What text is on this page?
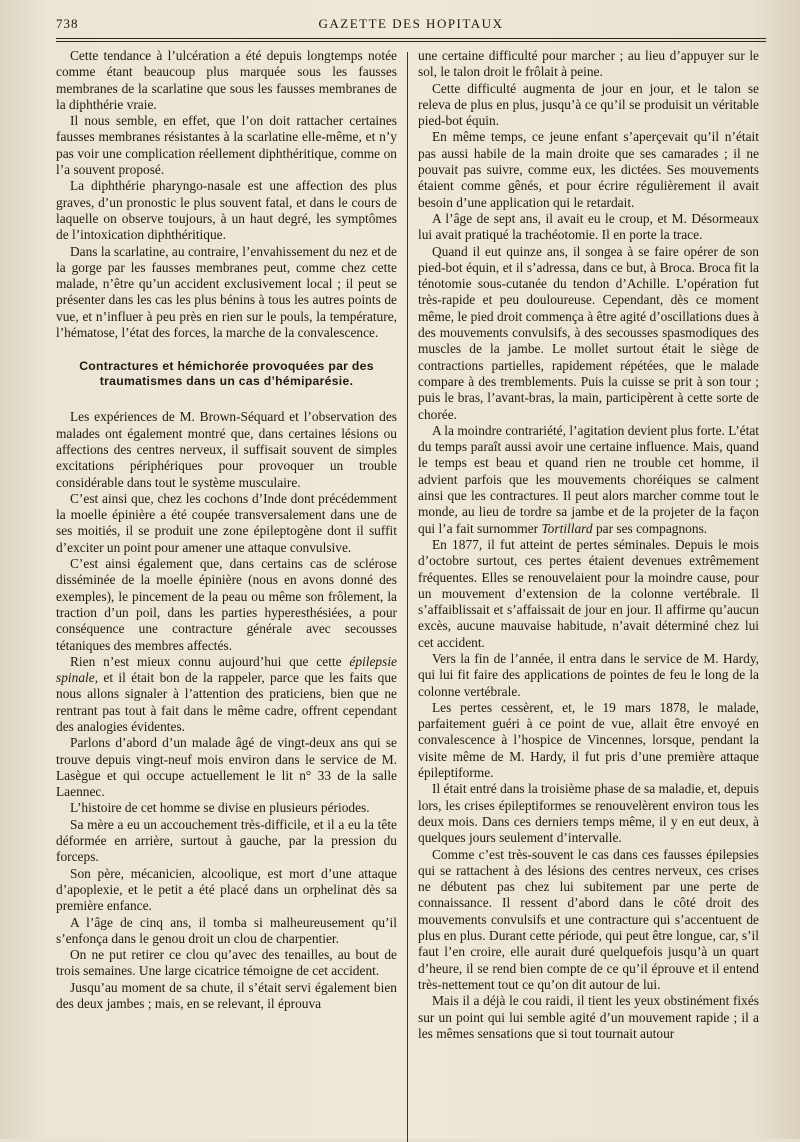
738	GAZETTE DES HOPITAUX

Cette tendance à l’ulcération a été depuis longtemps notée comme étant beaucoup plus marquée sous les fausses membranes de la scarlatine que sous les fausses membranes de la diphthérie vraie.

Il nous semble, en effet, que l’on doit rattacher certaines fausses membranes résistantes à la scarlatine elle-même, et n’y pas voir une complication réellement diphthéritique, comme on l’a souvent proposé.

La diphthérie pharyngo-nasale est une affection des plus graves, d’un pronostic le plus souvent fatal, et dans le cours de laquelle on observe toujours, à un haut degré, les symptômes de l’intoxication diphthéritique.

Dans la scarlatine, au contraire, l’envahissement du nez et de la gorge par les fausses membranes peut, comme chez cette malade, n’être qu’un accident exclusivement local ; il peut se présenter dans les cas les plus bénins à tous les autres points de vue, et n’influer à peu près en rien sur le pouls, la température, l’hématose, l’état des forces, la marche de la convalescence.

Contractures et hémichorée provoquées par des traumatismes dans un cas d’hémiparésie.

Les expériences de M. Brown-Séquard et l’observation des malades ont également montré que, dans certaines lésions ou affections des centres nerveux, il suffisait souvent de simples excitations périphériques pour provoquer un trouble considérable dans tout le système musculaire.

C’est ainsi que, chez les cochons d’Inde dont précédemment la moelle épinière a été coupée transversalement dans une de ses moitiés, il se produit une zone épileptogène dont il suffit d’exciter un point pour amener une attaque convulsive.

C’est ainsi également que, dans certains cas de sclérose disséminée de la moelle épinière (nous en avons donné des exemples), le pincement de la peau ou même son frôlement, la traction d’un poil, dans les parties hyperesthésiées, a pour conséquence une contracture générale avec secousses tétaniques des membres affectés.

Rien n’est mieux connu aujourd’hui que cette épilepsie spinale, et il était bon de la rappeler, parce que les faits que nous allons signaler à l’attention des praticiens, bien que ne rentrant pas tout à fait dans le même cadre, offrent cependant des analogies évidentes.

Parlons d’abord d’un malade âgé de vingt-deux ans qui se trouve depuis vingt-neuf mois environ dans le service de M. Lasègue et qui occupe actuellement le lit n° 33 de la salle Laennec.

L’histoire de cet homme se divise en plusieurs périodes.

Sa mère a eu un accouchement très-difficile, et il a eu la tête déformée en arrière, surtout à gauche, par la pression du forceps.

Son père, mécanicien, alcoolique, est mort d’une attaque d’apoplexie, et le petit a été placé dans un orphelinat dès sa première enfance.

A l’âge de cinq ans, il tomba si malheureusement qu’il s’enfonça dans le genou droit un clou de charpentier.

On ne put retirer ce clou qu’avec des tenailles, au bout de trois semaines. Une large cicatrice témoigne de cet accident.

Jusqu’au moment de sa chute, il s’était servi également bien des deux jambes ; mais, en se relevant, il éprouva

une certaine difficulté pour marcher ; au lieu d’appuyer sur le sol, le talon droit le frôlait à peine.

Cette difficulté augmenta de jour en jour, et le talon se releva de plus en plus, jusqu’à ce qu’il se produisit un véritable pied-bot équin.

En même temps, ce jeune enfant s’aperçevait qu’il n’était pas aussi habile de la main droite que ses camarades ; il ne pouvait pas suivre, comme eux, les dictées. Ses mouvements étaient comme gênés, et pour écrire régulièrement il avait besoin d’une application qui le retardait.

A l’âge de sept ans, il avait eu le croup, et M. Désormeaux lui avait pratiqué la trachéotomie. Il en porte la trace.

Quand il eut quinze ans, il songea à se faire opérer de son pied-bot équin, et il s’adressa, dans ce but, à Broca. Broca fit la ténotomie sous-cutanée du tendon d’Achille. L’opération fut très-rapide et peu douloureuse. Cependant, dès ce moment même, le pied droit commença à être agité d’oscillations dues à des mouvements convulsifs, à des secousses spasmodiques des muscles de la jambe. Le mollet surtout était le siège de contractions partielles, rapidement répétées, que le malade compare à des tremblements. Puis la cuisse se prit à son tour ; puis le bras, l’avant-bras, la main, participèrent à cette sorte de chorée.

A la moindre contrariété, l’agitation devient plus forte. L’état du temps paraît aussi avoir une certaine influence. Mais, quand le temps est beau et quand rien ne trouble cet homme, il advient parfois que les mouvements choréiques se calment ainsi que les contractures. Il peut alors marcher comme tout le monde, au lieu de tordre sa jambe et de la projeter de la façon qui l’a fait surnommer Tortillard par ses compagnons.

En 1877, il fut atteint de pertes séminales. Depuis le mois d’octobre surtout, ces pertes étaient devenues extrêmement fréquentes. Elles se renouvelaient pour la moindre cause, pour un mouvement d’extension de la colonne vertébrale. Il s’affaiblissait et s’affaissait de jour en jour. Il affirme qu’aucun excès, aucune mauvaise habitude, n’avait déterminé chez lui cet accident.

Vers la fin de l’année, il entra dans le service de M. Hardy, qui lui fit faire des applications de pointes de feu le long de la colonne vertébrale.

Les pertes cessèrent, et, le 19 mars 1878, le malade, parfaitement guéri à ce point de vue, allait être envoyé en convalescence à l’hospice de Vincennes, lorsque, pendant la visite même de M. Hardy, il fut pris d’une première attaque épileptiforme.

Il était entré dans la troisième phase de sa maladie, et, depuis lors, les crises épileptiformes se renouvelèrent environ tous les deux mois. Dans ces derniers temps même, il y en eut deux, à quelques jours seulement d’intervalle.

Comme c’est très-souvent le cas dans ces fausses épilepsies qui se rattachent à des lésions des centres nerveux, ces crises ne débutent pas chez lui subitement par une perte de connaissance. Il ressent d’abord dans le côté droit des mouvements convulsifs et une contracture qui s’accentuent de plus en plus. Durant cette période, qui peut être longue, car, s’il faut l’en croire, elle aurait duré quelquefois jusqu’à un quart d’heure, il se rend bien compte de ce qu’il éprouve et il entend très-nettement tout ce qu’on dit autour de lui.

Mais il a déjà le cou raidi, il tient les yeux obstinément fixés sur un point qui lui semble agité d’un mouvement rapide ; il a les mêmes sensations que si tout tournait autour
